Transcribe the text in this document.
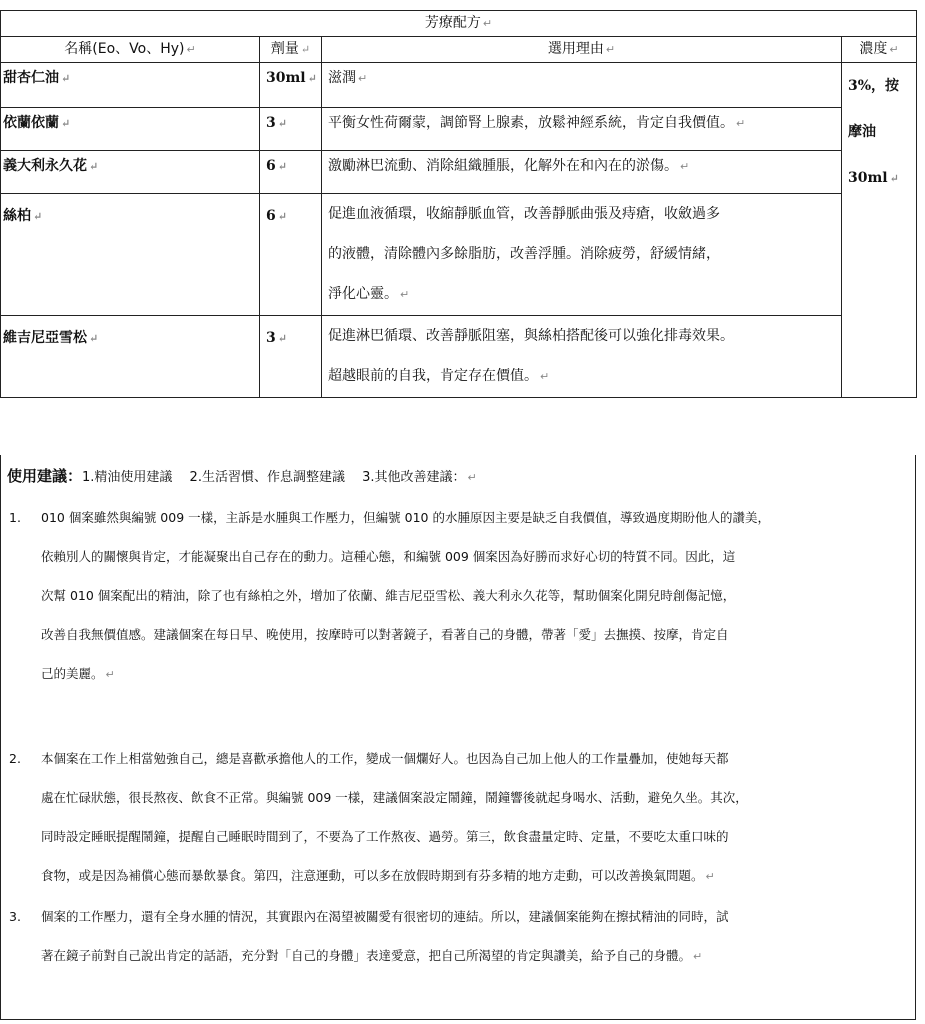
芳療配方 ↵			
名稱(Eo、Vo、Hy) ↵	劑量 ↵	選用理由 ↵	濃度 ↵
甜杏仁油 ↵	30ml ↵	滋潤 ↵	3%，按
摩油
30ml ↵

依蘭依蘭 ↵	3 ↵	平衡女性荷爾蒙，調節腎上腺素，放鬆神經系統，肯定自我價值。 ↵	
義大利永久花 ↵	6 ↵	激勵淋巴流動、消除組織腫脹，化解外在和內在的淤傷。 ↵	
絲柏 ↵	6 ↵	促進血液循環，收縮靜脈血管，改善靜脈曲張及痔瘡，收斂過多
的液體，清除體內多餘脂肪，改善浮腫。消除疲勞，舒緩情緒，
淨化心靈。 ↵	

維吉尼亞雪松 ↵	3 ↵	促進淋巴循環、改善靜脈阻塞，與絲柏搭配後可以強化排毒效果。
超越眼前的自我，肯定存在價值。 ↵	
使用建議：1.精油使用建議　 2.生活習慣、作息調整建議　 3.其他改善建議： ↵
1. 010 個案雖然與編號 009 一樣，主訴是水腫與工作壓力，但編號 010 的水腫原因主要是缺乏自我價值，導致過度期盼他人的讚美，
依賴別人的關懷與肯定，才能凝聚出自己存在的動力。這種心態，和編號 009 個案因為好勝而求好心切的特質不同。因此，這
次幫 010 個案配出的精油，除了也有絲柏之外，增加了依蘭、維吉尼亞雪松、義大利永久花等，幫助個案化開兒時創傷記憶，
改善自我無價值感。建議個案在每日早、晚使用，按摩時可以對著鏡子，看著自己的身體，帶著「愛」去撫摸、按摩，肯定自
己的美麗。 ↵
2. 本個案在工作上相當勉強自己，總是喜歡承擔他人的工作，變成一個爛好人。也因為自己加上他人的工作量疊加，使她每天都
處在忙碌狀態，很長熬夜、飲食不正常。與編號 009 一樣，建議個案設定鬧鐘，鬧鐘響後就起身喝水、活動，避免久坐。其次，
同時設定睡眠提醒鬧鐘，提醒自己睡眠時間到了，不要為了工作熬夜、過勞。第三，飲食盡量定時、定量，不要吃太重口味的
食物，或是因為補償心態而暴飲暴食。第四，注意運動，可以多在放假時期到有芬多精的地方走動，可以改善換氣問題。 ↵
3. 個案的工作壓力，還有全身水腫的情況，其實跟內在渴望被關愛有很密切的連結。所以，建議個案能夠在擦拭精油的同時，試
著在鏡子前對自己說出肯定的話語，充分對「自己的身體」表達愛意，把自己所渴望的肯定與讚美，給予自己的身體。 ↵
